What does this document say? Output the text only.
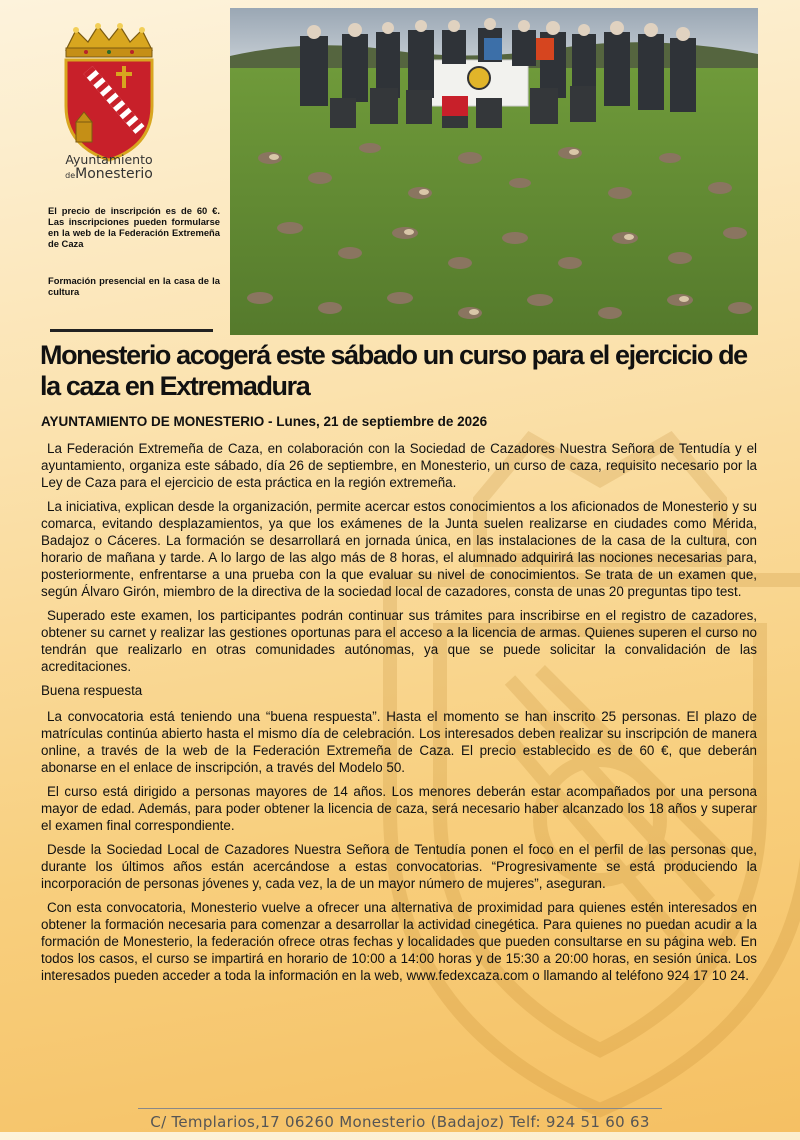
Ayuntamiento
deMonesterio
El precio de inscripción es de 60 €. Las inscripciones pueden formularse en la web de la Federación Extremeña de Caza
Formación presencial en la casa de la cultura
Monesterio acogerá este sábado un curso para el ejercicio de la caza en Extremadura
AYUNTAMIENTO DE MONESTERIO - Lunes, 21 de septiembre de 2026

La Federación Extremeña de Caza, en colaboración con la Sociedad de Cazadores Nuestra Señora de Tentudía y el ayuntamiento, organiza este sábado, día 26 de septiembre, en Monesterio, un curso de caza, requisito necesario por la Ley de Caza para el ejercicio de esta práctica en la región extremeña.

La iniciativa, explican desde la organización, permite acercar estos conocimientos a los aficionados de Monesterio y su comarca, evitando desplazamientos, ya que los exámenes de la Junta suelen realizarse en ciudades como Mérida, Badajoz o Cáceres. La formación se desarrollará en jornada única, en las instalaciones de la casa de la cultura, con horario de mañana y tarde. A lo largo de las algo más de 8 horas, el alumnado adquirirá las nociones necesarias para, posteriormente, enfrentarse a una prueba con la que evaluar su nivel de conocimientos. Se trata de un examen que, según Álvaro Girón, miembro de la directiva de la sociedad local de cazadores, consta de unas 20 preguntas tipo test.

Superado este examen, los participantes podrán continuar sus trámites para inscribirse en el registro de cazadores, obtener su carnet y realizar las gestiones oportunas para el acceso a la licencia de armas. Quienes superen el curso no tendrán que realizarlo en otras comunidades autónomas, ya que se puede solicitar la convalidación de las acreditaciones.

Buena respuesta

La convocatoria está teniendo una “buena respuesta”. Hasta el momento se han inscrito 25 personas. El plazo de matrículas continúa abierto hasta el mismo día de celebración. Los interesados deben realizar su inscripción de manera online, a través de la web de la Federación Extremeña de Caza. El precio establecido es de 60 €, que deberán abonarse en el enlace de inscripción, a través del Modelo 50.

El curso está dirigido a personas mayores de 14 años. Los menores deberán estar acompañados por una persona mayor de edad. Además, para poder obtener la licencia de caza, será necesario haber alcanzado los 18 años y superar el examen final correspondiente.

Desde la Sociedad Local de Cazadores Nuestra Señora de Tentudía ponen el foco en el perfil de las personas que, durante los últimos años están acercándose a estas convocatorias. “Progresivamente se está produciendo la incorporación de personas jóvenes y, cada vez, la de un mayor número de mujeres”, aseguran.

Con esta convocatoria, Monesterio vuelve a ofrecer una alternativa de proximidad para quienes estén interesados en obtener la formación necesaria para comenzar a desarrollar la actividad cinegética. Para quienes no puedan acudir a la formación de Monesterio, la federación ofrece otras fechas y localidades que pueden consultarse en su página web. En todos los casos, el curso se impartirá en horario de 10:00 a 14:00 horas y de 15:30 a 20:00 horas, en sesión única. Los interesados pueden acceder a toda la información en la web, www.fedexcaza.com o llamando al teléfono 924 17 10 24.

C/ Templarios,17 06260 Monesterio (Badajoz) Telf: 924 51 60 63
